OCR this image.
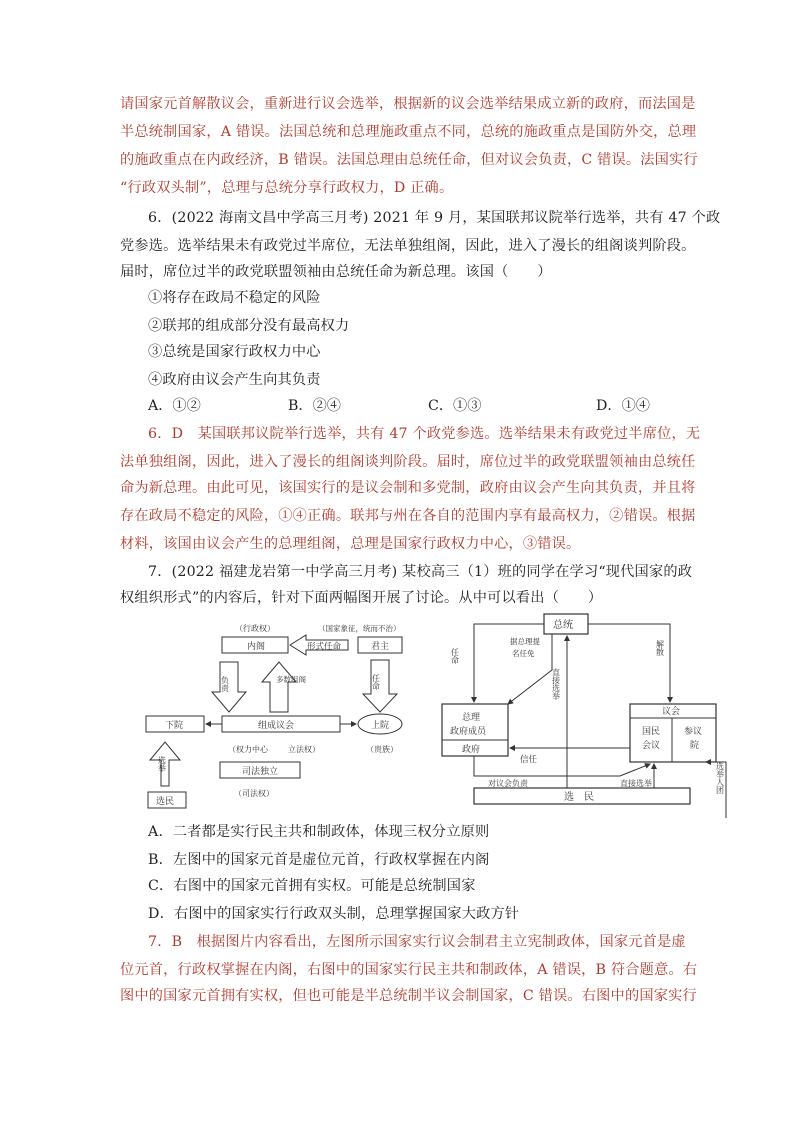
请国家元首解散议会，重新进行议会选举，根据新的议会选举结果成立新的政府，而法国是
半总统制国家，A 错误。法国总统和总理施政重点不同，总统的施政重点是国防外交，总理
的施政重点在内政经济，B 错误。法国总理由总统任命，但对议会负责，C 错误。法国实行
“行政双头制”，总理与总统分享行政权力，D 正确。
6．(2022 海南文昌中学高三月考) 2021 年 9 月，某国联邦议院举行选举，共有 47 个政
党参选。选举结果未有政党过半席位，无法单独组阁，因此，进入了漫长的组阁谈判阶段。
届时，席位过半的政党联盟领袖由总统任命为新总理。该国（　　）
①将存在政局不稳定的风险
②联邦的组成部分没有最高权力
③总统是国家行政权力中心
④政府由议会产生向其负责
A．①②	B．②④	C．①③	D．①④
6．D　某国联邦议院举行选举，共有 47 个政党参选。选举结果未有政党过半席位，无
法单独组阁，因此，进入了漫长的组阁谈判阶段。届时，席位过半的政党联盟领袖由总统任
命为新总理。由此可见，该国实行的是议会制和多党制，政府由议会产生向其负责，并且将
存在政局不稳定的风险，①④正确。联邦与州在各自的范围内享有最高权力，②错误。根据
材料，该国由议会产生的总理组阁，总理是国家行政权力中心，③错误。
7．(2022 福建龙岩第一中学高三月考) 某校高三（1）班的同学在学习“现代国家的政
权组织形式”的内容后，针对下面两幅图开展了讨论。从中可以看出（　　）
（行政权）
内阁
（国家象征，统而不治）
形式任命	君主
负责	多数组阁	任命
下院	组成议会	上院
（权力中心	立法权）	（贵族）
选举	司法独立
（司法权）
选民
总统
任命
据总理提
名任免
直接选举
解散
总理
政府成员
政府
议会
国民
会议
参议
院
信任
对议会负责	直接选举
选　民
选举人团
A．二者都是实行民主共和制政体，体现三权分立原则
B．左图中的国家元首是虚位元首，行政权掌握在内阁
C．右图中的国家元首拥有实权。可能是总统制国家
D．右图中的国家实行行政双头制，总理掌握国家大政方针
7．B　根据图片内容看出，左图所示国家实行议会制君主立宪制政体，国家元首是虚
位元首，行政权掌握在内阁，右图中的国家实行民主共和制政体，A 错误，B 符合题意。右
图中的国家元首拥有实权，但也可能是半总统制半议会制国家，C 错误。右图中的国家实行
